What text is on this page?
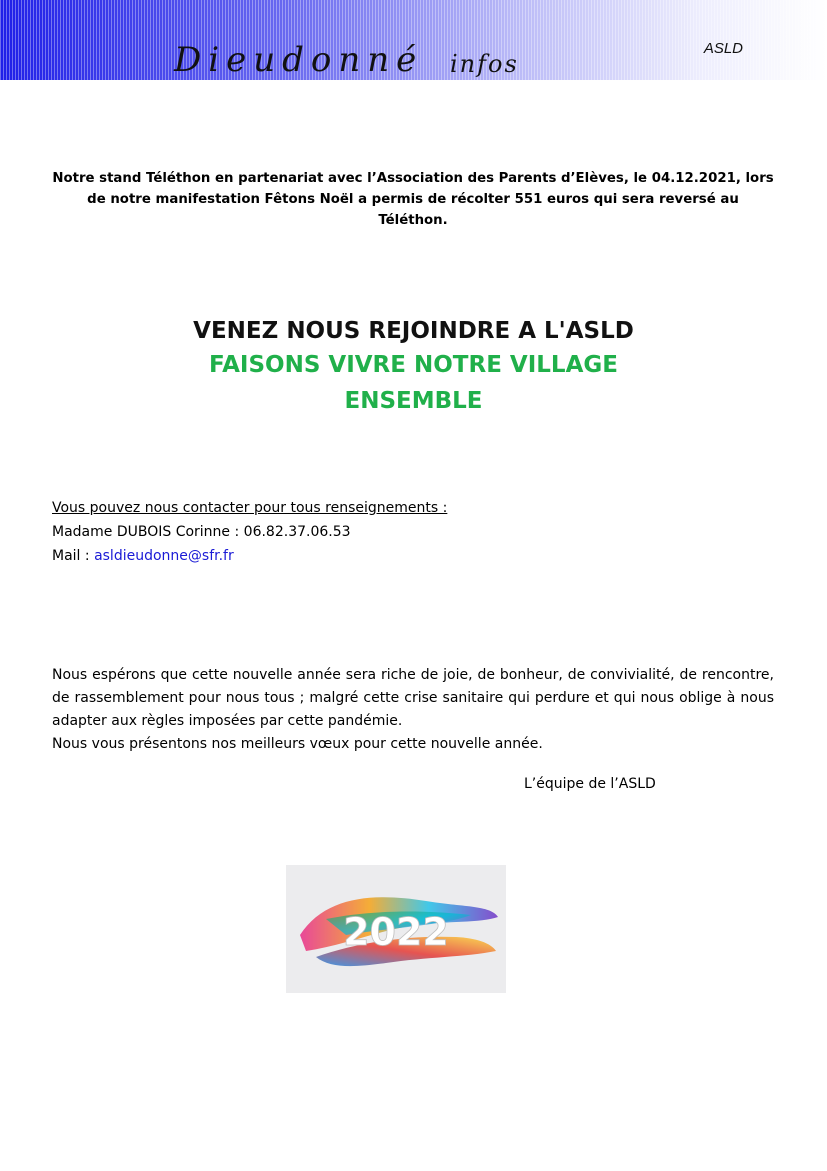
Dieudonné infos
ASLD
Notre stand Téléthon en partenariat avec l’Association des Parents d’Elèves, le 04.12.2021, lors de notre manifestation Fêtons Noël a permis de récolter 551 euros qui sera reversé au Téléthon.
VENEZ NOUS REJOINDRE A L'ASLD
FAISONS VIVRE NOTRE VILLAGE
ENSEMBLE
Vous pouvez nous contacter pour tous renseignements :
Madame DUBOIS Corinne : 06.82.37.06.53
Mail : asldieudonne@sfr.fr
Nous espérons que cette nouvelle année sera riche de joie, de bonheur, de convivialité, de rencontre, de rassemblement pour nous tous ; malgré cette crise sanitaire qui perdure et qui nous oblige à nous adapter aux règles imposées par cette pandémie.
Nous vous présentons nos meilleurs vœux pour cette nouvelle année.
L’équipe de l’ASLD
2022
